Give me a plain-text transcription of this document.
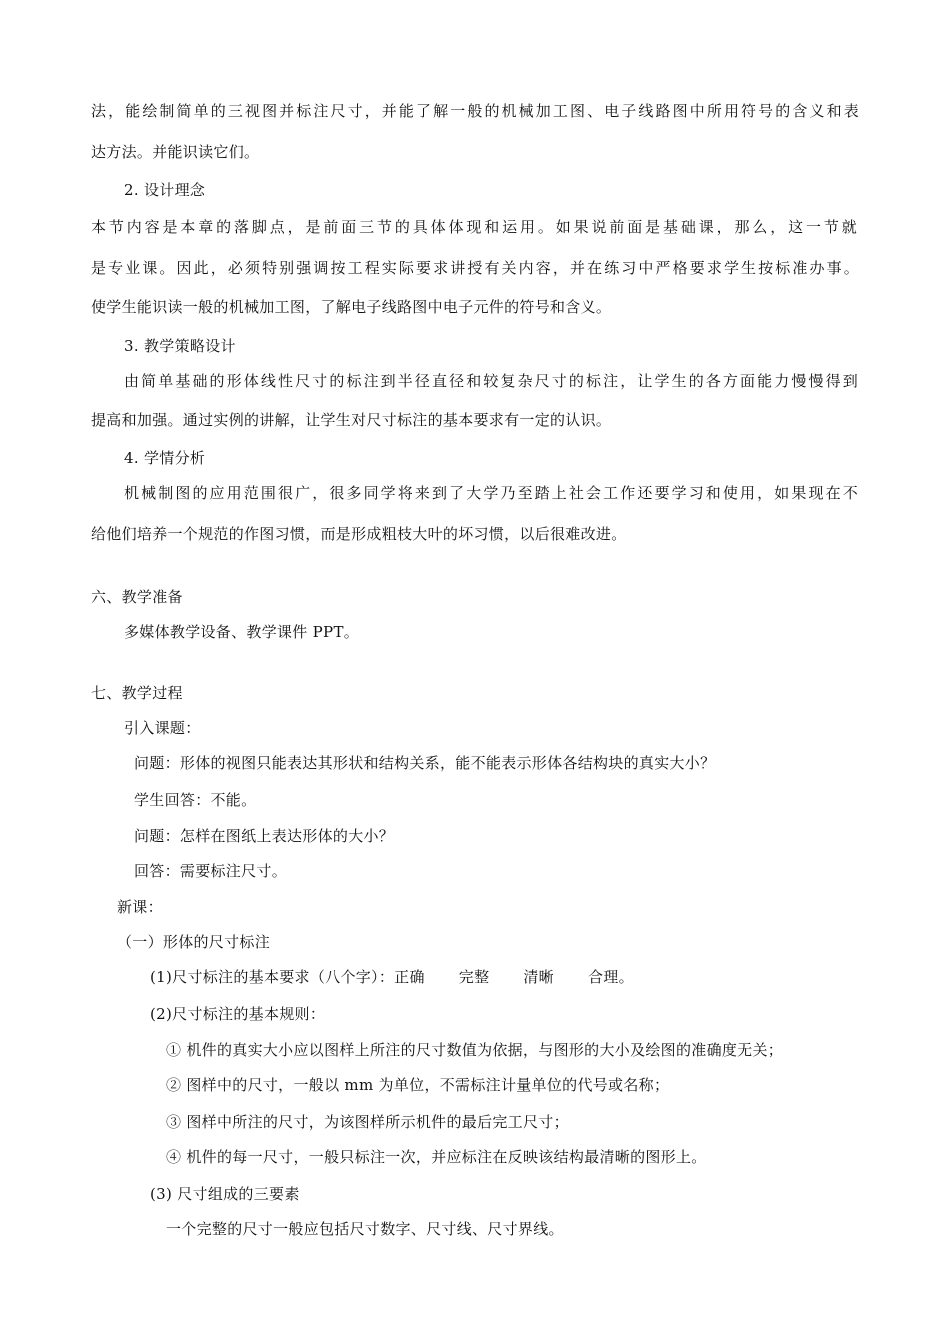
法，能绘制简单的三视图并标注尺寸，并能了解一般的机械加工图、电子线路图中所用符号的含义和表
达方法。并能识读它们。
2. 设计理念
本节内容是本章的落脚点，是前面三节的具体体现和运用。如果说前面是基础课，那么，这一节就
是专业课。因此，必须特别强调按工程实际要求讲授有关内容，并在练习中严格要求学生按标准办事。
使学生能识读一般的机械加工图，了解电子线路图中电子元件的符号和含义。
3. 教学策略设计
由简单基础的形体线性尺寸的标注到半径直径和较复杂尺寸的标注，让学生的各方面能力慢慢得到
提高和加强。通过实例的讲解，让学生对尺寸标注的基本要求有一定的认识。
4. 学情分析
机械制图的应用范围很广，很多同学将来到了大学乃至踏上社会工作还要学习和使用，如果现在不
给他们培养一个规范的作图习惯，而是形成粗枝大叶的坏习惯，以后很难改进。
六、教学准备
多媒体教学设备、教学课件 PPT。
七、教学过程
引入课题：
问题：形体的视图只能表达其形状和结构关系，能不能表示形体各结构块的真实大小？
学生回答：不能。
问题：怎样在图纸上表达形体的大小？
回答：需要标注尺寸。
新课：
（一）形体的尺寸标注
(1)尺寸标注的基本要求（八个字）：正确 完整 清晰 合理。
(2)尺寸标注的基本规则：
① 机件的真实大小应以图样上所注的尺寸数值为依据，与图形的大小及绘图的准确度无关；
② 图样中的尺寸，一般以 mm 为单位，不需标注计量单位的代号或名称；
③ 图样中所注的尺寸，为该图样所示机件的最后完工尺寸；
④ 机件的每一尺寸，一般只标注一次，并应标注在反映该结构最清晰的图形上。
(3) 尺寸组成的三要素
一个完整的尺寸一般应包括尺寸数字、尺寸线、尺寸界线。
